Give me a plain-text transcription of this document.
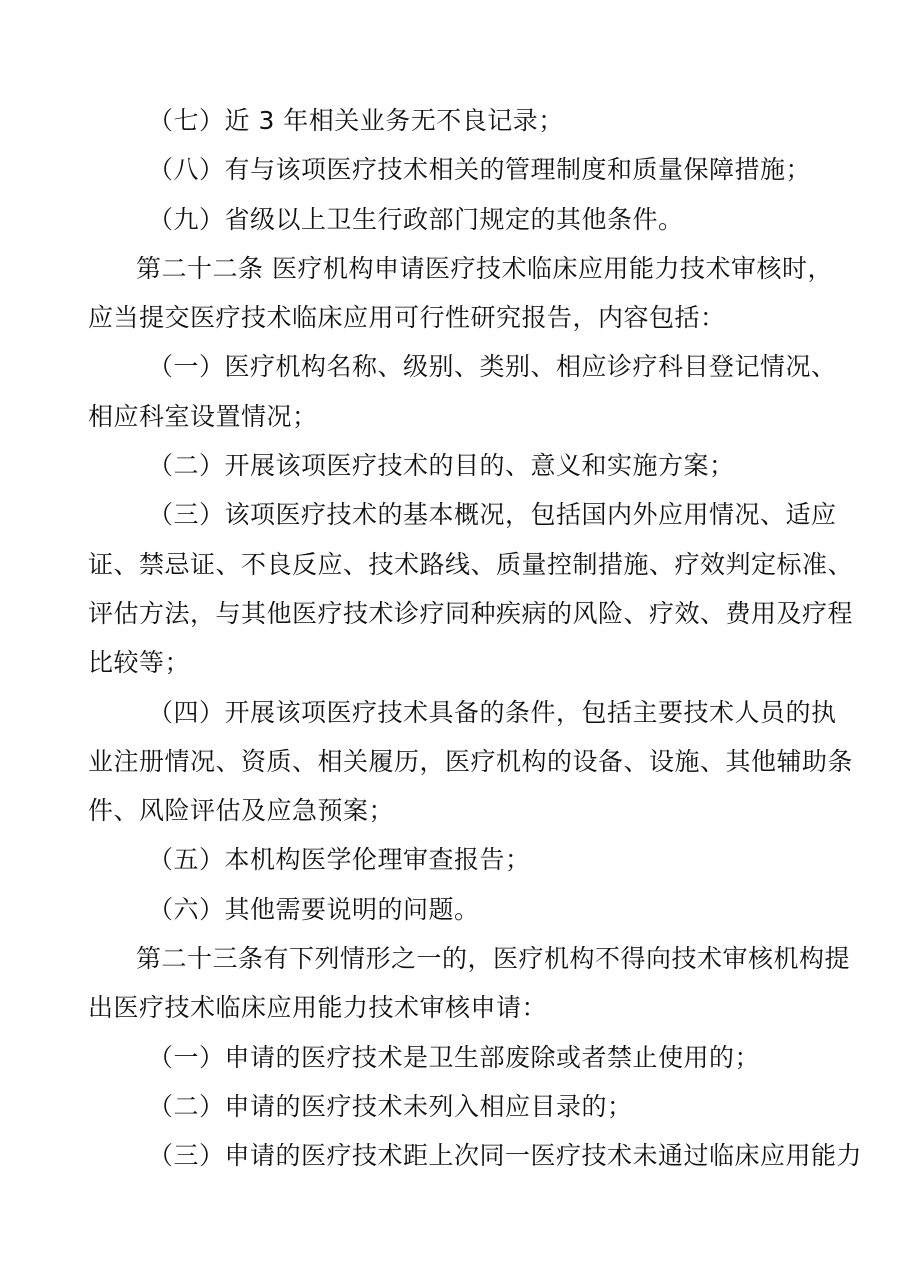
（七）近 3 年相关业务无不良记录；
（八）有与该项医疗技术相关的管理制度和质量保障措施；
（九）省级以上卫生行政部门规定的其他条件。
第二十二条 医疗机构申请医疗技术临床应用能力技术审核时，
应当提交医疗技术临床应用可行性研究报告，内容包括：
（一）医疗机构名称、级别、类别、相应诊疗科目登记情况、
相应科室设置情况；
（二）开展该项医疗技术的目的、意义和实施方案；
（三）该项医疗技术的基本概况，包括国内外应用情况、适应
证、禁忌证、不良反应、技术路线、质量控制措施、疗效判定标准、
评估方法，与其他医疗技术诊疗同种疾病的风险、疗效、费用及疗程
比较等；
（四）开展该项医疗技术具备的条件，包括主要技术人员的执
业注册情况、资质、相关履历，医疗机构的设备、设施、其他辅助条
件、风险评估及应急预案；
（五）本机构医学伦理审查报告；
（六）其他需要说明的问题。
第二十三条有下列情形之一的，医疗机构不得向技术审核机构提
出医疗技术临床应用能力技术审核申请：
（一）申请的医疗技术是卫生部废除或者禁止使用的；
（二）申请的医疗技术未列入相应目录的；
（三）申请的医疗技术距上次同一医疗技术未通过临床应用能力
